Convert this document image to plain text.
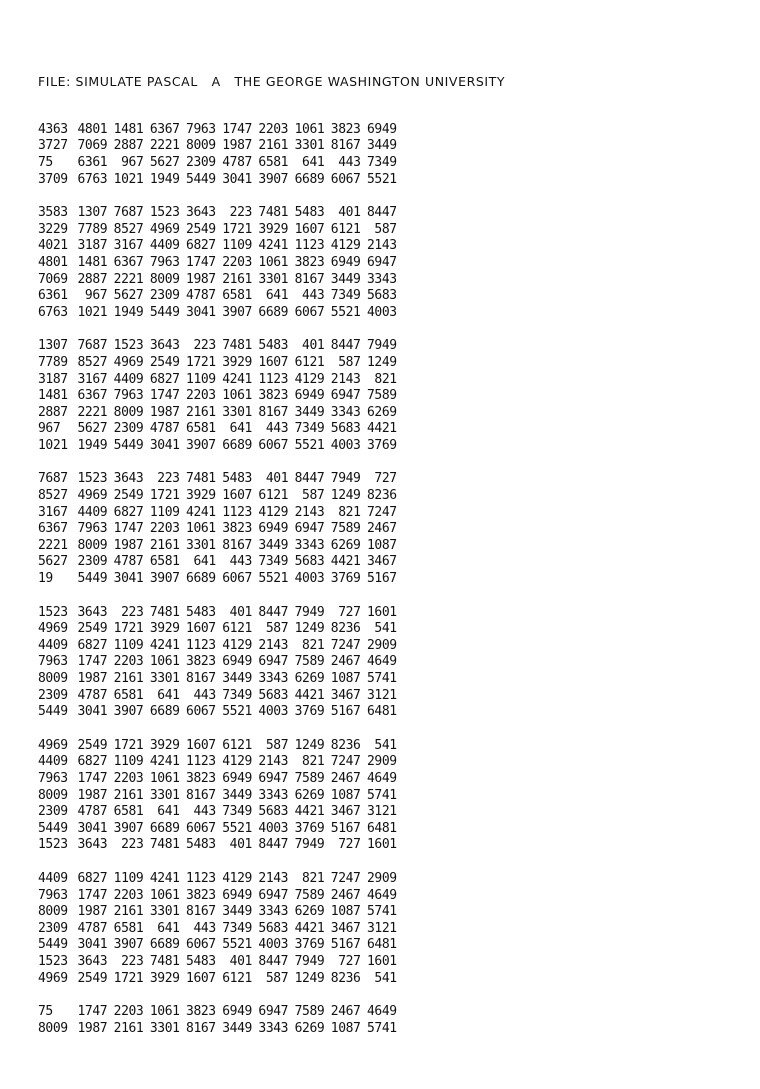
FILE: SIMULATE PASCAL A THE GEORGE WASHINGTON UNIVERSITY
4363 4801 1481 6367 7963 1747 2203 1061 3823 6949
3727 7069 2887 2221 8009 1987 2161 3301 8167 3449
75	6361	967 5627 2309 4787 6581	641	443 7349
3709 6763 1021 1949 5449 3041 3907 6689 6067 5521
3583 1307 7687 1523 3643	223 7481 5483	401 8447
3229 7789 8527 4969 2549 1721 3929 1607 6121	587
4021 3187 3167 4409 6827 1109 4241 1123 4129 2143
4801 1481 6367 7963 1747 2203 1061 3823 6949 6947
7069 2887 2221 8009 1987 2161 3301 8167 3449 3343
6361	967 5627 2309 4787 6581	641	443 7349 5683
6763 1021 1949 5449 3041 3907 6689 6067 5521 4003
1307 7687 1523 3643	223 7481 5483	401 8447 7949
7789 8527 4969 2549 1721 3929 1607 6121	587 1249
3187 3167 4409 6827 1109 4241 1123 4129 2143	821
1481 6367 7963 1747 2203 1061 3823 6949 6947 7589
2887 2221 8009 1987 2161 3301 8167 3449 3343 6269
967	5627 2309 4787 6581	641	443 7349 5683 4421
1021 1949 5449 3041 3907 6689 6067 5521 4003 3769
7687 1523 3643	223 7481 5483	401 8447 7949	727
8527 4969 2549 1721 3929 1607 6121	587 1249 8236
3167 4409 6827 1109 4241 1123 4129 2143	821 7247
6367 7963 1747 2203 1061 3823 6949 6947 7589 2467
2221 8009 1987 2161 3301 8167 3449 3343 6269 1087
5627 2309 4787 6581	641	443 7349 5683 4421 3467
19	5449 3041 3907 6689 6067 5521 4003 3769 5167
1523 3643	223 7481 5483	401 8447 7949	727 1601
4969 2549 1721 3929 1607 6121	587 1249 8236	541
4409 6827 1109 4241 1123 4129 2143	821 7247 2909
7963 1747 2203 1061 3823 6949 6947 7589 2467 4649
8009 1987 2161 3301 8167 3449 3343 6269 1087 5741
2309 4787 6581	641	443 7349 5683 4421 3467 3121
5449 3041 3907 6689 6067 5521 4003 3769 5167 6481
4969 2549 1721 3929 1607 6121	587 1249 8236	541
4409 6827 1109 4241 1123 4129 2143	821 7247 2909
7963 1747 2203 1061 3823 6949 6947 7589 2467 4649
8009 1987 2161 3301 8167 3449 3343 6269 1087 5741
2309 4787 6581	641	443 7349 5683 4421 3467 3121
5449 3041 3907 6689 6067 5521 4003 3769 5167 6481
1523 3643	223 7481 5483	401 8447 7949	727 1601
4409 6827 1109 4241 1123 4129 2143	821 7247 2909
7963 1747 2203 1061 3823 6949 6947 7589 2467 4649
8009 1987 2161 3301 8167 3449 3343 6269 1087 5741
2309 4787 6581	641	443 7349 5683 4421 3467 3121
5449 3041 3907 6689 6067 5521 4003 3769 5167 6481
1523 3643	223 7481 5483	401 8447 7949	727 1601
4969 2549 1721 3929 1607 6121	587 1249 8236	541
75	1747 2203 1061 3823 6949 6947 7589 2467 4649
8009 1987 2161 3301 8167 3449 3343 6269 1087 5741
